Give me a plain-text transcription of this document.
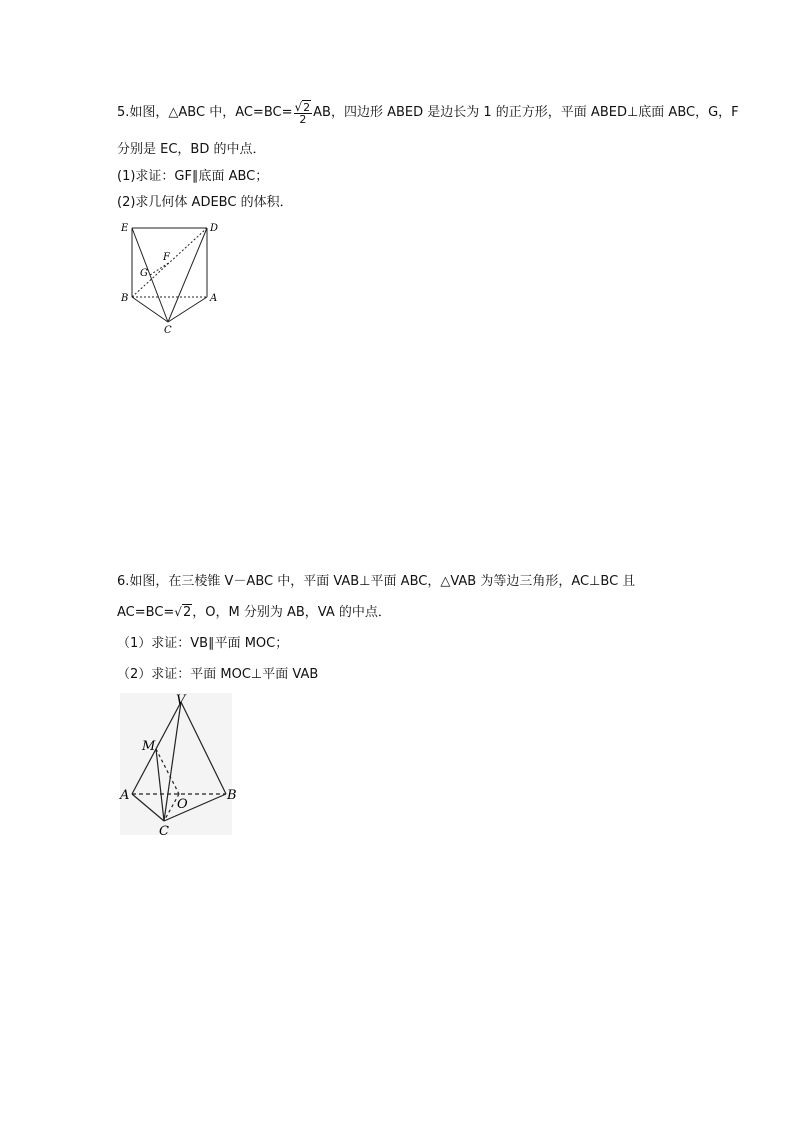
5.如图，△ABC 中，$AC=BC= \frac{√2}{2}$ AB，四边形 ABED 是边长为 1 的正方形，平面 ABED⊥底面 ABC，G，F
分别是 EC，BD 的中点．
(1)求证：GF∥底面 ABC；
(2)求几何体 ADEBC 的体积．
E	D
F
G
B	A
C
6.如图，在三棱锥 V－ABC 中，平面 VAB⊥平面 ABC，△VAB 为等边三角形，AC⊥BC 且
AC=BC= √2 ，O，M 分别为 AB，VA 的中点．
（1）求证：VB∥平面 MOC；
（2）求证：平面 MOC⊥平面 VAB
V
M
A
O
B
C
